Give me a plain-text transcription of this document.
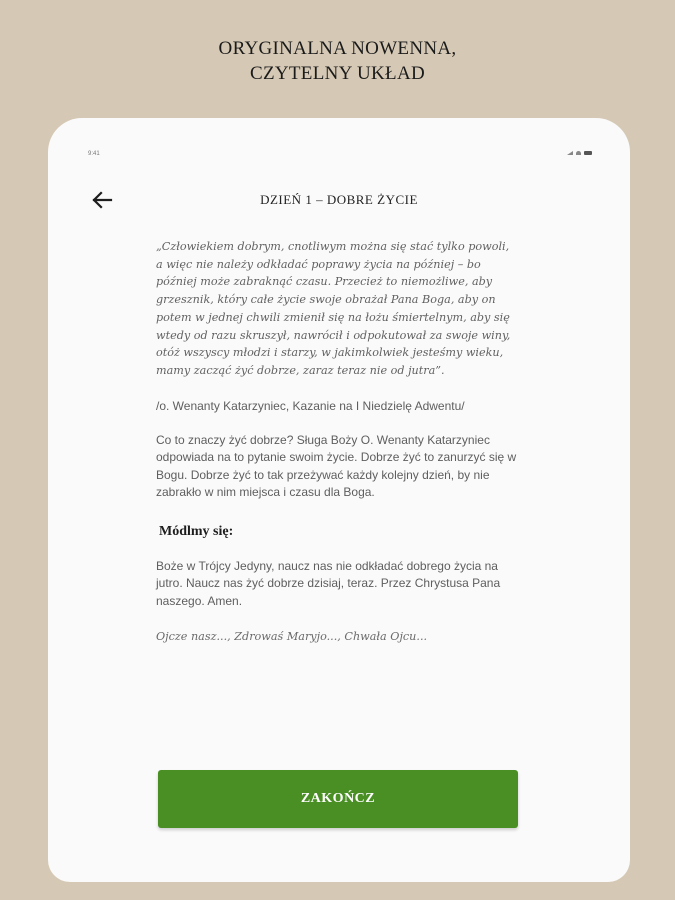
ORYGINALNA NOWENNA,
CZYTELNY UKŁAD
9:41
DZIEŃ 1 – DOBRE ŻYCIE

„Człowiekiem dobrym, cnotliwym można się stać tylko powoli, a więc nie należy odkładać poprawy życia na później – bo później może zabraknąć czasu. Przecież to niemożliwe, aby grzesznik, który całe życie swoje obrażał Pana Boga, aby on potem w jednej chwili zmienił się na łożu śmiertelnym, aby się wtedy od razu skruszył, nawrócił i odpokutował za swoje winy, otóż wszyscy młodzi i starzy, w jakimkolwiek jesteśmy wieku, mamy zacząć żyć dobrze, zaraz teraz nie od jutra”.

/o. Wenanty Katarzyniec, Kazanie na I Niedzielę Adwentu/

Co to znaczy żyć dobrze? Sługa Boży O. Wenanty Katarzyniec odpowiada na to pytanie swoim życie. Dobrze żyć to zanurzyć się w Bogu. Dobrze żyć to tak przeżywać każdy kolejny dzień, by nie zabrakło w nim miejsca i czasu dla Boga.

Módlmy się:

Boże w Trójcy Jedyny, naucz nas nie odkładać dobrego życia na jutro. Naucz nas żyć dobrze dzisiaj, teraz. Przez Chrystusa Pana naszego. Amen.

Ojcze nasz..., Zdrowaś Maryjo..., Chwała Ojcu...

ZAKOŃCZ
